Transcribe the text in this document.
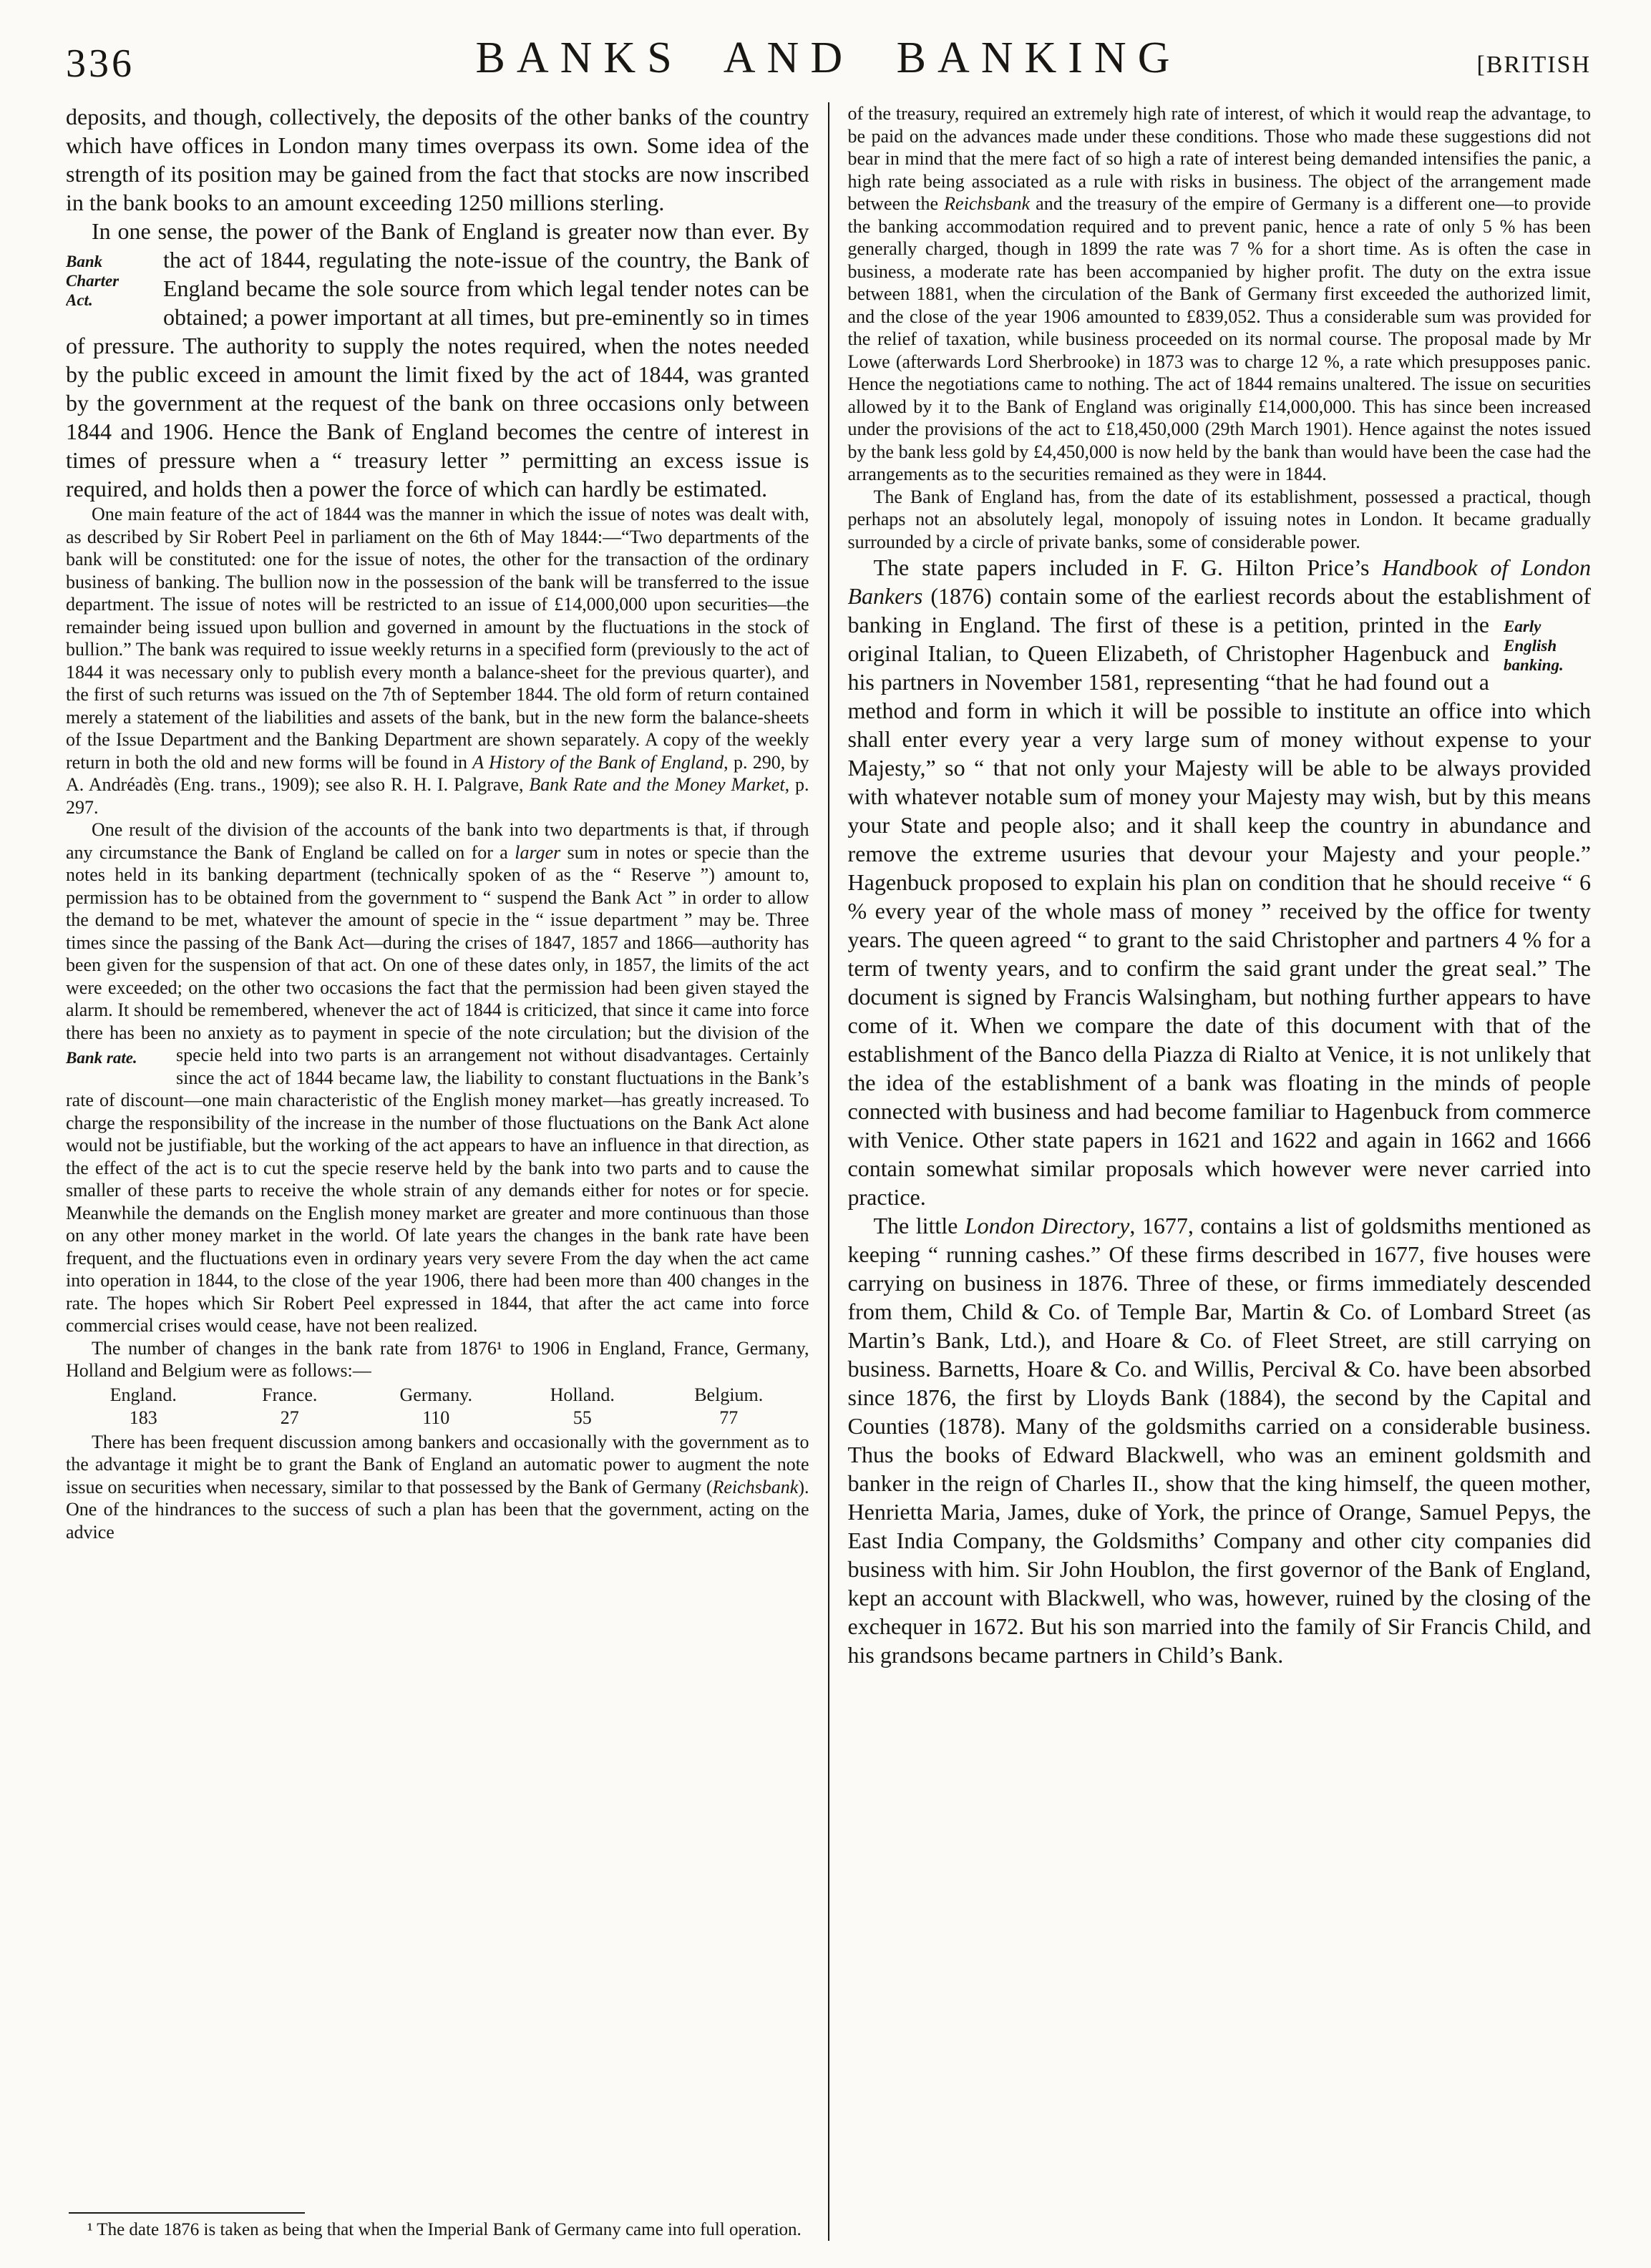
336	BANKS AND BANKING	[BRITISH

deposits, and though, collectively, the deposits of the other banks of the country which have offices in London many times overpass its own. Some idea of the strength of its position may be gained from the fact that stocks are now inscribed in the bank books to an amount exceeding 1250 millions sterling.

In one sense, the power of the Bank of England is greater now than ever. By the act of 1844, regulating the note-issue of
Bank Charter Act.
the country, the Bank of England became the sole source from which legal tender notes can be obtained; a power important at all times, but pre-eminently so in times of pressure. The authority to supply the notes required, when the notes needed by the public exceed in amount the limit fixed by the act of 1844, was granted by the government at the request of the bank on three occasions only between 1844 and 1906. Hence the Bank of England becomes the centre of interest in times of pressure when a “ treasury letter ” permitting an excess issue is required, and holds then a power the force of which can hardly be estimated.

One main feature of the act of 1844 was the manner in which the issue of notes was dealt with, as described by Sir Robert Peel in parliament on the 6th of May 1844:—“Two departments of the bank will be constituted: one for the issue of notes, the other for the transaction of the ordinary business of banking. The bullion now in the possession of the bank will be transferred to the issue department. The issue of notes will be restricted to an issue of £14,000,000 upon securities—the remainder being issued upon bullion and governed in amount by the fluctuations in the stock of bullion.” The bank was required to issue weekly returns in a specified form (previously to the act of 1844 it was necessary only to publish every month a balance-sheet for the previous quarter), and the first of such returns was issued on the 7th of September 1844. The old form of return contained merely a statement of the liabilities and assets of the bank, but in the new form the balance-sheets of the Issue Department and the Banking Department are shown separately. A copy of the weekly return in both the old and new forms will be found in A History of the Bank of England, p. 290, by A. Andréadès (Eng. trans., 1909); see also R. H. I. Palgrave, Bank Rate and the Money Market, p. 297.

One result of the division of the accounts of the bank into two departments is that, if through any circumstance the Bank of England be called on for a larger sum in notes or specie than the notes held in its banking department (technically spoken of as the “ Reserve ”) amount to, permission has to be obtained from the government to “ suspend the Bank Act ” in order to allow the demand to be met, whatever the amount of specie in the “ issue department ” may be. Three times since the passing of the Bank Act—during the crises of 1847, 1857 and 1866—authority has been given for the suspension of that act. On one of these dates only, in 1857, the limits of the act were exceeded; on the other two occasions the fact that the permission had been given stayed the alarm. It should be remembered, whenever the act of 1844 is criticized, that since it came into force there has been no anxiety as to payment in specie of the note circulation; but the division
Bank rate.
of the specie held into two parts is an arrangement not without disadvantages. Certainly since the act of 1844 became law, the liability to constant fluctuations in the Bank’s rate of discount—one main characteristic of the English money market—has greatly increased. To charge the responsibility of the increase in the number of those fluctuations on the Bank Act alone would not be justifiable, but the working of the act appears to have an influence in that direction, as the effect of the act is to cut the specie reserve held by the bank into two parts and to cause the smaller of these parts to receive the whole strain of any demands either for notes or for specie. Meanwhile the demands on the English money market are greater and more continuous than those on any other money market in the world. Of late years the changes in the bank rate have been frequent, and the fluctuations even in ordinary years very severe From the day when the act came into operation in 1844, to the close of the year 1906, there had been more than 400 changes in the rate. The hopes which Sir Robert Peel expressed in 1844, that after the act came into force commercial crises would cease, have not been realized.

The number of changes in the bank rate from 1876¹ to 1906 in England, France, Germany, Holland and Belgium were as follows:—

England.	France.	Germany.	Holland.	Belgium.
183	27	110	55	77

There has been frequent discussion among bankers and occasionally with the government as to the advantage it might be to grant the Bank of England an automatic power to augment the note issue on securities when necessary, similar to that possessed by the Bank of Germany (Reichsbank). One of the hindrances to the success of such a plan has been that the government, acting on the advice

¹ The date 1876 is taken as being that when the Imperial Bank of Germany came into full operation.

of the treasury, required an extremely high rate of interest, of which it would reap the advantage, to be paid on the advances made under these conditions. Those who made these suggestions did not bear in mind that the mere fact of so high a rate of interest being demanded intensifies the panic, a high rate being associated as a rule with risks in business. The object of the arrangement made between the Reichsbank and the treasury of the empire of Germany is a different one—to provide the banking accommodation required and to prevent panic, hence a rate of only 5 % has been generally charged, though in 1899 the rate was 7 % for a short time. As is often the case in business, a moderate rate has been accompanied by higher profit. The duty on the extra issue between 1881, when the circulation of the Bank of Germany first exceeded the authorized limit, and the close of the year 1906 amounted to £839,052. Thus a considerable sum was provided for the relief of taxation, while business proceeded on its normal course. The proposal made by Mr Lowe (afterwards Lord Sherbrooke) in 1873 was to charge 12 %, a rate which presupposes panic. Hence the negotiations came to nothing. The act of 1844 remains unaltered. The issue on securities allowed by it to the Bank of England was originally £14,000,000. This has since been increased under the provisions of the act to £18,450,000 (29th March 1901). Hence against the notes issued by the bank less gold by £4,450,000 is now held by the bank than would have been the case had the arrangements as to the securities remained as they were in 1844.

The Bank of England has, from the date of its establishment, possessed a practical, though perhaps not an absolutely legal, monopoly of issuing notes in London. It became gradually surrounded by a circle of private banks, some of considerable power.

The state papers included in F. G. Hilton Price’s Handbook of London Bankers (1876) contain some of the earliest records about the establishment of banking in England. The	Early English banking.
first of these is a petition, printed in the original Italian, to Queen Elizabeth, of Christopher Hagenbuck and his partners in November 1581, representing “that he had found out a method and form in which it will be possible to institute an office into which shall enter every year a very large sum of money without expense to your Majesty,” so “ that not only your Majesty will be able to be always provided with whatever notable sum of money your Majesty may wish, but by this means your State and people also; and it shall keep the country in abundance and remove the extreme usuries that devour your Majesty and your people.” Hagenbuck proposed to explain his plan on condition that he should receive “ 6 % every year of the whole mass of money ” received by the office for twenty years. The queen agreed “ to grant to the said Christopher and partners 4 % for a term of twenty years, and to confirm the said grant under the great seal.” The document is signed by Francis Walsingham, but nothing further appears to have come of it. When we compare the date of this document with that of the establishment of the Banco della Piazza di Rialto at Venice, it is not unlikely that the idea of the establishment of a bank was floating in the minds of people connected with business and had become familiar to Hagenbuck from commerce with Venice. Other state papers in 1621 and 1622 and again in 1662 and 1666 contain somewhat similar proposals which however were never carried into practice.

The little London Directory, 1677, contains a list of goldsmiths mentioned as keeping “ running cashes.” Of these firms described in 1677, five houses were carrying on business in 1876. Three of these, or firms immediately descended from them, Child & Co. of Temple Bar, Martin & Co. of Lombard Street (as Martin’s Bank, Ltd.), and Hoare & Co. of Fleet Street, are still carrying on business. Barnetts, Hoare & Co. and Willis, Percival & Co. have been absorbed since 1876, the first by Lloyds Bank (1884), the second by the Capital and Counties (1878). Many of the goldsmiths carried on a considerable business. Thus the books of Edward Blackwell, who was an eminent goldsmith and banker in the reign of Charles II., show that the king himself, the queen mother, Henrietta Maria, James, duke of York, the prince of Orange, Samuel Pepys, the East India Company, the Goldsmiths’ Company and other city companies did business with him. Sir John Houblon, the first governor of the Bank of England, kept an account with Blackwell, who was, however, ruined by the closing of the exchequer in 1672. But his son married into the family of Sir Francis Child, and his grandsons became partners in Child’s Bank.
